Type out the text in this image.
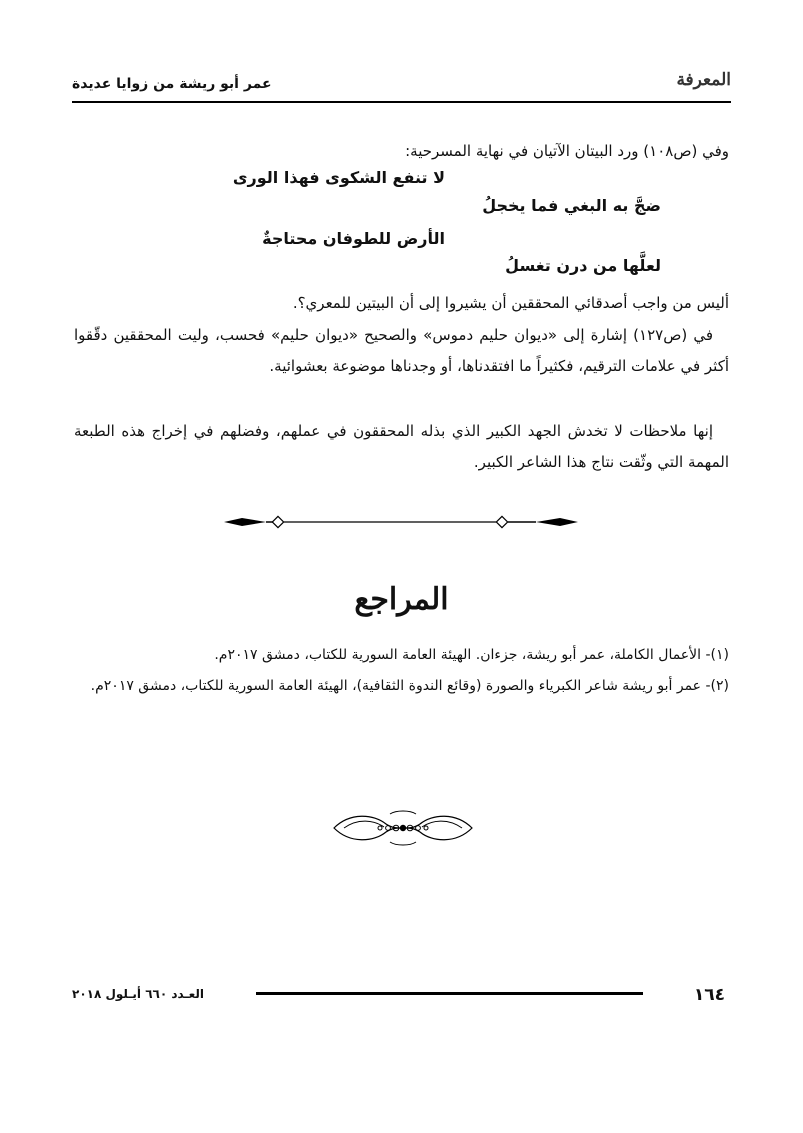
المعرفة
عمر أبو ريشة من زوايا عديدة
وفي (ص١٠٨) ورد البيتان الآتيان في نهاية المسرحية:
لا تنفع الشكوى فهذا الورى
ضجَّ به البغي فما يخجلُ
الأرض للطوفان محتاجةٌ
لعلَّها من درن تغسلُ
أليس من واجب أصدقائي المحققين أن يشيروا إلى أن البيتين للمعري؟.
في (ص١٢٧) إشارة إلى «ديوان حليم دموس» والصحيح «ديوان حليم» فحسب، وليت المحققين دقّقوا أكثر في علامات الترقيم، فكثيراً ما افتقدناها، أو وجدناها موضوعة بعشوائية.
إنها ملاحظات لا تخدش الجهد الكبير الذي بذله المحققون في عملهم، وفضلهم في إخراج هذه الطبعة المهمة التي وثّقت نتاج هذا الشاعر الكبير.
المراجع
(١)- الأعمال الكاملة، عمر أبو ريشة، جزءان. الهيئة العامة السورية للكتاب، دمشق ٢٠١٧م.
(٢)- عمر أبو ريشة شاعر الكبرياء والصورة (وقائع الندوة الثقافية)، الهيئة العامة السورية للكتاب، دمشق ٢٠١٧م.
١٦٤
العـدد ٦٦٠ أيـلول ٢٠١٨
